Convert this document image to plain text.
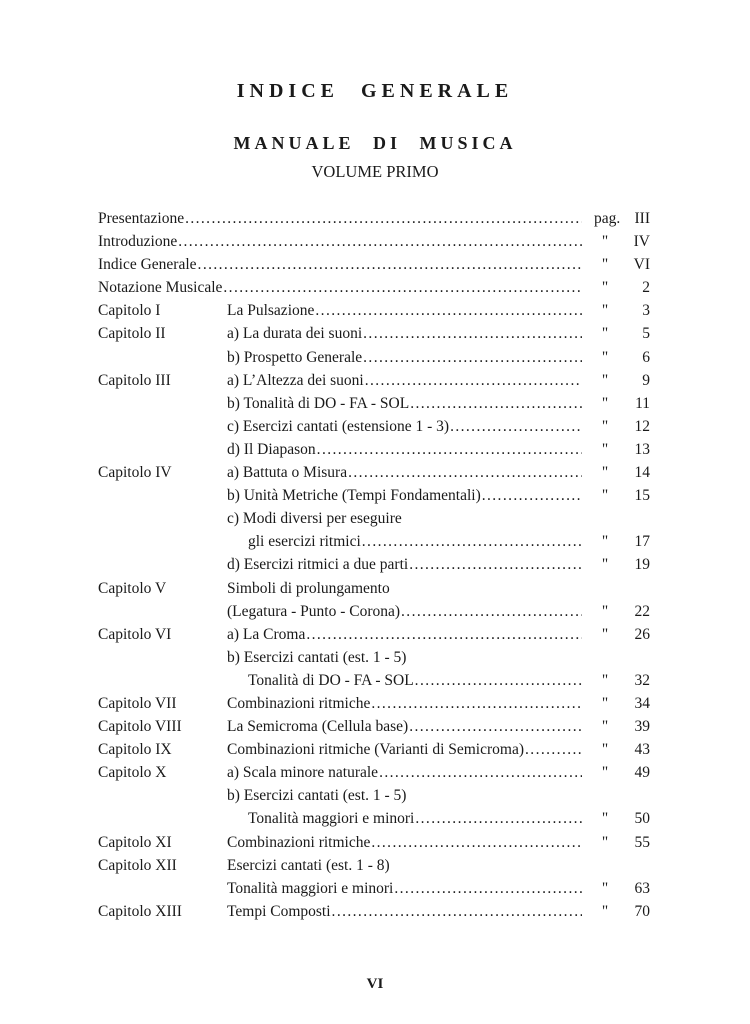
INDICE GENERALE
MANUALE DI MUSICA
VOLUME PRIMO
Presentazione .....	pag. III
Introduzione .....	"	IV
Indice Generale .....	"	VI
Notazione Musicale .....	"	2
Capitolo I	La Pulsazione .....	"	3
Capitolo II	a) La durata dei suoni .....	"	5
b) Prospetto Generale .....	"	6
Capitolo III	a) L’Altezza dei suoni .....	"	9
b) Tonalità di DO - FA - SOL .....	"	11
c) Esercizi cantati (estensione 1 - 3) .....	"	12
d) Il Diapason .....	"	13
Capitolo IV	a) Battuta o Misura .....	"	14
b) Unità Metriche (Tempi Fondamentali) .....	"	15
c) Modi diversi per eseguire
gli esercizi ritmici .....	"	17
d) Esercizi ritmici a due parti .....	"	19
Capitolo V	Simboli di prolungamento
(Legatura - Punto - Corona) .....	"	22
Capitolo VI	a) La Croma .....	"	26
b) Esercizi cantati (est. 1 - 5)
Tonalità di DO - FA - SOL .....	"	32
Capitolo VII	Combinazioni ritmiche .....	"	34
Capitolo VIII	La Semicroma (Cellula base) .....	"	39
Capitolo IX	Combinazioni ritmiche (Varianti di Semicroma) .....	"	43
Capitolo X	a) Scala minore naturale .....	"	49
b) Esercizi cantati (est. 1 - 5)
Tonalità maggiori e minori .....	"	50
Capitolo XI	Combinazioni ritmiche .....	"	55
Capitolo XII	Esercizi cantati (est. 1 - 8)
Tonalità maggiori e minori .....	"	63
Capitolo XIII	Tempi Composti .....	"	70
VI
